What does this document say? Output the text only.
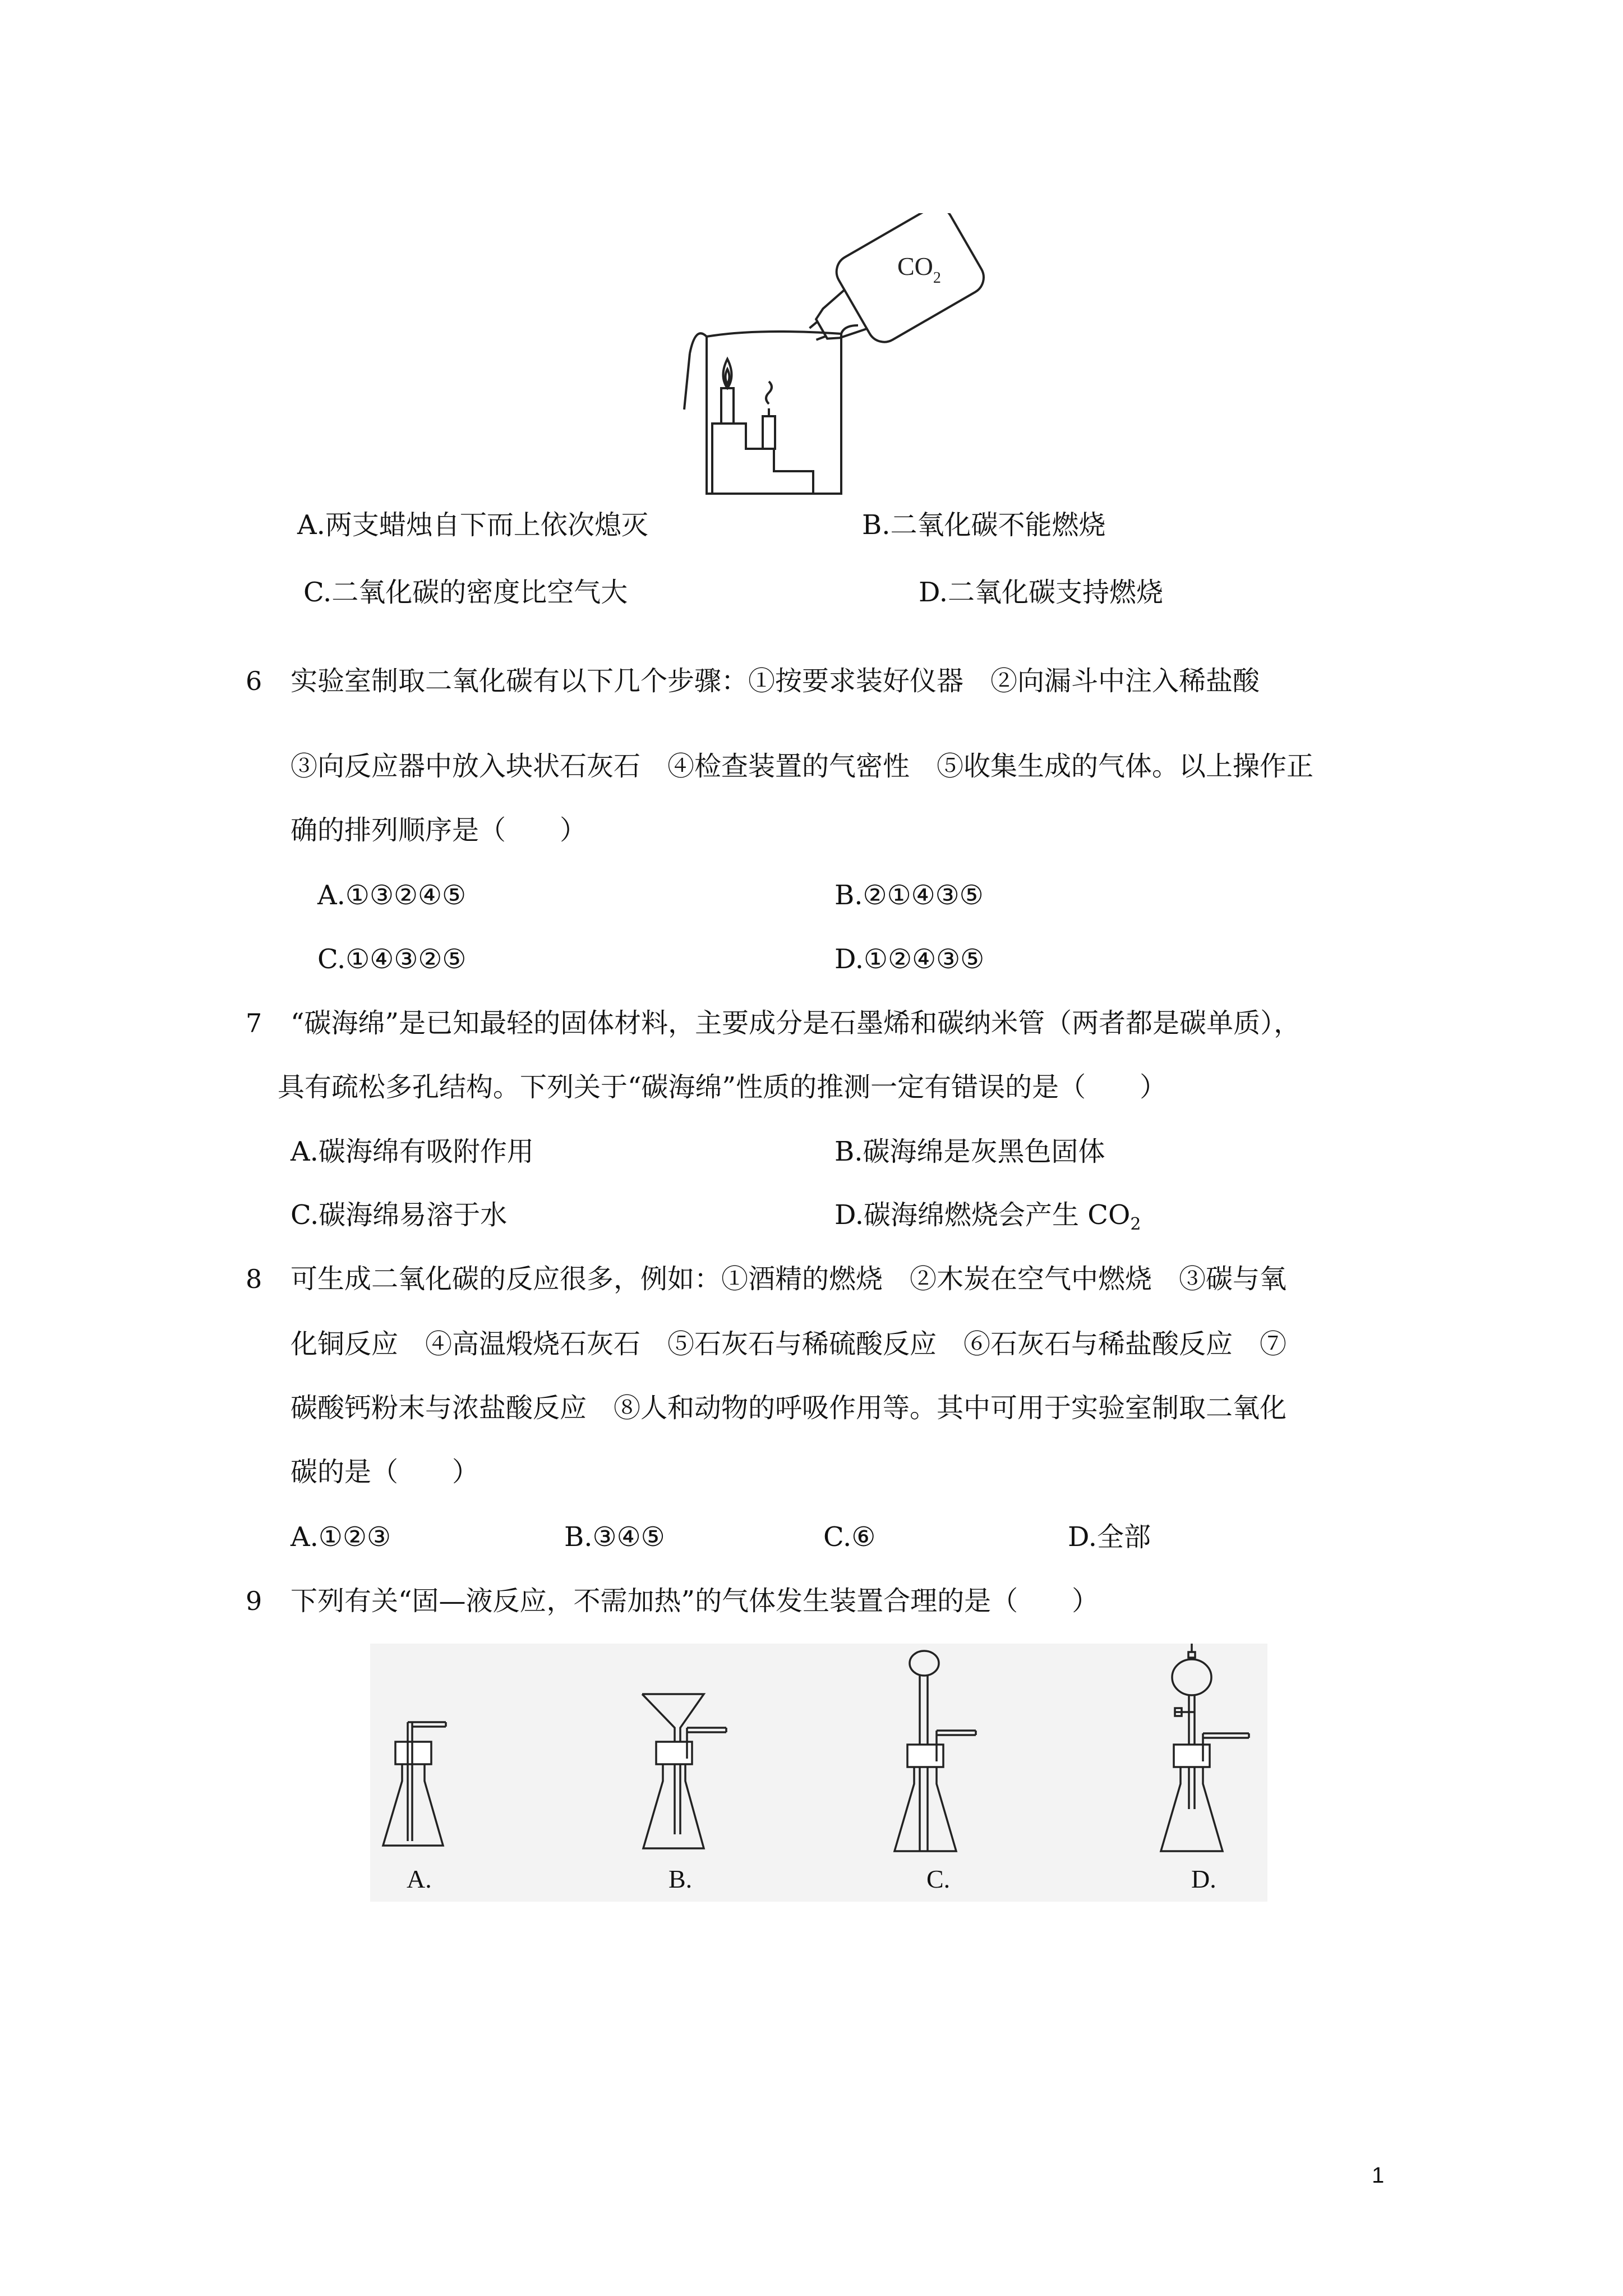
$CO_2$
A.两支蜡烛自下而上依次熄灭	B.二氧化碳不能燃烧
C.二氧化碳的密度比空气大	D.二氧化碳支持燃烧
6 实验室制取二氧化碳有以下几个步骤：①按要求装好仪器　②向漏斗中注入稀盐酸
③向反应器中放入块状石灰石　④检查装置的气密性　⑤收集生成的气体。以上操作正
确的排列顺序是（　　）
A.①③②④⑤	B.②①④③⑤
C.①④③②⑤	D.①②④③⑤
7 “碳海绵”是已知最轻的固体材料，主要成分是石墨烯和碳纳米管（两者都是碳单质），
具有疏松多孔结构。下列关于“碳海绵”性质的推测一定有错误的是（　　）
A.碳海绵有吸附作用	B.碳海绵是灰黑色固体
C.碳海绵易溶于水	D.碳海绵燃烧会产生 $CO_2$
8 可生成二氧化碳的反应很多，例如：①酒精的燃烧　②木炭在空气中燃烧　③碳与氧
化铜反应　④高温煅烧石灰石　⑤石灰石与稀硫酸反应　⑥石灰石与稀盐酸反应　⑦
碳酸钙粉末与浓盐酸反应　⑧人和动物的呼吸作用等。其中可用于实验室制取二氧化
碳的是（　　）
A.①②③	B.③④⑤	C.⑥	D.全部
9 下列有关“固—液反应，不需加热”的气体发生装置合理的是（　　）
A.	B.	C.	D.
1
